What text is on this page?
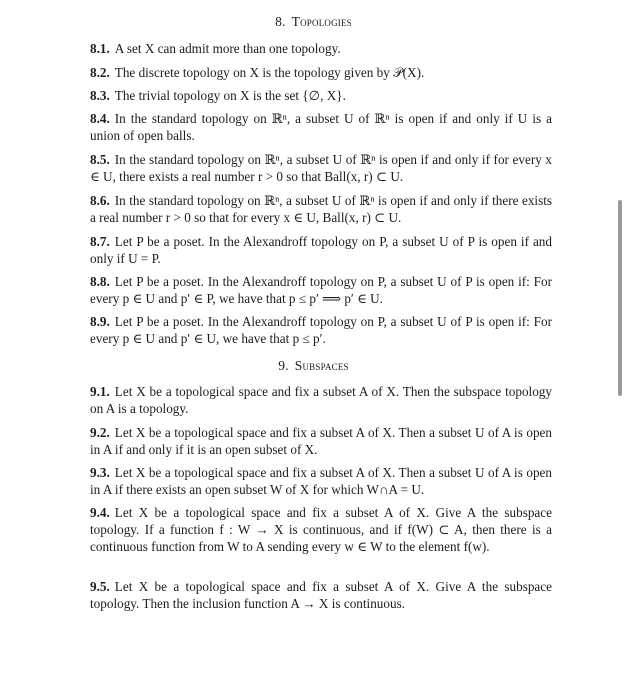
8. Topologies
8.1. A set X can admit more than one topology.
8.2. The discrete topology on X is the topology given by 𝒫(X).
8.3. The trivial topology on X is the set {∅, X}.
8.4. In the standard topology on ℝⁿ, a subset U of ℝⁿ is open if and only if U is a union of open balls.
8.5. In the standard topology on ℝⁿ, a subset U of ℝⁿ is open if and only if for every x ∈ U, there exists a real number r > 0 so that Ball(x, r) ⊂ U.
8.6. In the standard topology on ℝⁿ, a subset U of ℝⁿ is open if and only if there exists a real number r > 0 so that for every x ∈ U, Ball(x, r) ⊂ U.
8.7. Let P be a poset. In the Alexandroff topology on P, a subset U of P is open if and only if U = P.
8.8. Let P be a poset. In the Alexandroff topology on P, a subset U of P is open if: For every p ∈ U and p′ ∈ P, we have that p ≤ p′ ⟹ p′ ∈ U.
8.9. Let P be a poset. In the Alexandroff topology on P, a subset U of P is open if: For every p ∈ U and p′ ∈ U, we have that p ≤ p′.
9. Subspaces
9.1. Let X be a topological space and fix a subset A of X. Then the subspace topology on A is a topology.
9.2. Let X be a topological space and fix a subset A of X. Then a subset U of A is open in A if and only if it is an open subset of X.
9.3. Let X be a topological space and fix a subset A of X. Then a subset U of A is open in A if there exists an open subset W of X for which W∩A = U.
9.4. Let X be a topological space and fix a subset A of X. Give A the subspace topology. If a function f : W → X is continuous, and if f(W) ⊂ A, then there is a continuous function from W to A sending every w ∈ W to the element f(w).
9.5. Let X be a topological space and fix a subset A of X. Give A the subspace topology. Then the inclusion function A → X is continuous.
